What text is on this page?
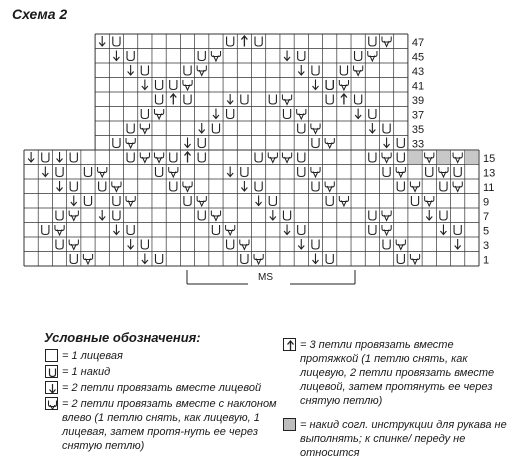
Схема 2
47
45
43
41
39
37
35
33
15
13
11
9
7
5
3
1
MS
Условные обозначения:
= 1 лицевая
= 1 накид
= 2 петли провязать вместе лицевой
= 2 петли провязать вместе с наклоном влево (1 петлю снять, как лицевую, 1 лицевая, затем протя-нуть ее через снятую петлю)
= 3 петли провязать вместе протяжкой (1 петлю снять, как лицевую, 2 петли провязать вместе лицевой, затем протянуть ее через снятую петлю)
= накид согл. инструкции для рукава не выполнять; к спинке/ переду не относится
